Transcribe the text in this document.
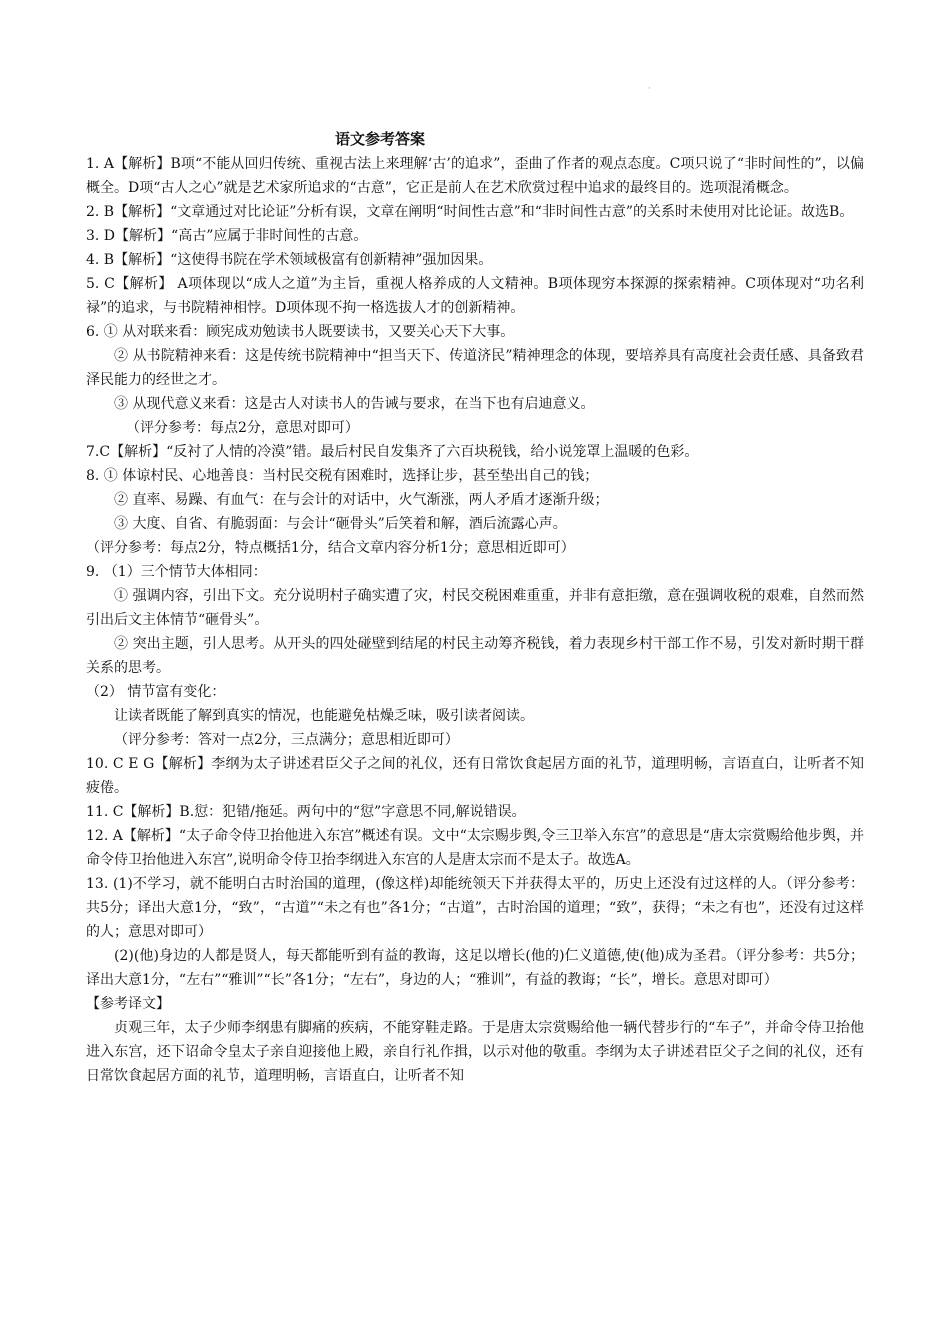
·
语文参考答案

1. A【解析】B项“不能从回归传统、重视古法上来理解‘古’的追求”，歪曲了作者的观点态度。C项只说了“非时间性的”，以偏概全。D项“古人之心”就是艺术家所追求的“古意”，它正是前人在艺术欣赏过程中追求的最终目的。选项混淆概念。

2. B【解析】“文章通过对比论证”分析有误，文章在阐明“时间性古意”和“非时间性古意”的关系时未使用对比论证。故选B。

3. D【解析】“高古”应属于非时间性的古意。

4. B【解析】“这使得书院在学术领域极富有创新精神”强加因果。

5. C【解析】 A项体现以“成人之道”为主旨，重视人格养成的人文精神。B项体现穷本探源的探索精神。C项体现对“功名利禄”的追求，与书院精神相悖。D项体现不拘一格选拔人才的创新精神。

6. ① 从对联来看：顾宪成劝勉读书人既要读书，又要关心天下大事。

② 从书院精神来看：这是传统书院精神中“担当天下、传道济民”精神理念的体现，要培养具有高度社会责任感、具备致君泽民能力的经世之才。

③ 从现代意义来看：这是古人对读书人的告诫与要求，在当下也有启迪意义。

（评分参考：每点2分，意思对即可）

7.C【解析】“反衬了人情的冷漠”错。最后村民自发集齐了六百块税钱，给小说笼罩上温暖的色彩。

8. ① 体谅村民、心地善良：当村民交税有困难时，选择让步，甚至垫出自己的钱；

② 直率、易躁、有血气：在与会计的对话中，火气渐涨，两人矛盾才逐渐升级；

③ 大度、自省、有脆弱面：与会计“砸骨头”后笑着和解，酒后流露心声。

（评分参考：每点2分，特点概括1分，结合文章内容分析1分；意思相近即可）

9. （1）三个情节大体相同：

① 强调内容，引出下文。充分说明村子确实遭了灾，村民交税困难重重，并非有意拒缴，意在强调收税的艰难，自然而然引出后文主体情节“砸骨头”。

② 突出主题，引人思考。从开头的四处碰壁到结尾的村民主动筹齐税钱，着力表现乡村干部工作不易，引发对新时期干群关系的思考。

（2） 情节富有变化：

让读者既能了解到真实的情况，也能避免枯燥乏味，吸引读者阅读。

（评分参考：答对一点2分，三点满分；意思相近即可）

10. C E G【解析】李纲为太子讲述君臣父子之间的礼仪，还有日常饮食起居方面的礼节，道理明畅，言语直白，让听者不知疲倦。

11. C【解析】B.愆：犯错/拖延。两句中的“愆”字意思不同,解说错误。

12. A【解析】“太子命令侍卫抬他进入东宫”概述有误。文中“太宗赐步舆,令三卫举入东宫”的意思是“唐太宗赏赐给他步舆，并命令侍卫抬他进入东宫”,说明命令侍卫抬李纲进入东宫的人是唐太宗而不是太子。故选A。

13. (1)不学习，就不能明白古时治国的道理，(像这样)却能统领天下并获得太平的，历史上还没有过这样的人。（评分参考：共5分；译出大意1分，“致”，“古道”“未之有也”各1分；“古道”，古时治国的道理；“致”，获得；“未之有也”，还没有过这样的人；意思对即可）

(2)(他)身边的人都是贤人，每天都能听到有益的教诲，这足以增长(他的)仁义道德,使(他)成为圣君。（评分参考：共5分；译出大意1分，“左右”“雅训”“长”各1分；“左右”，身边的人；“雅训”，有益的教诲；“长”，增长。意思对即可）

【参考译文】

贞观三年，太子少师李纲患有脚痛的疾病，不能穿鞋走路。于是唐太宗赏赐给他一辆代替步行的“车子”，并命令侍卫抬他进入东宫，还下诏命令皇太子亲自迎接他上殿，亲自行礼作揖，以示对他的敬重。李纲为太子讲述君臣父子之间的礼仪，还有日常饮食起居方面的礼节，道理明畅，言语直白，让听者不知
